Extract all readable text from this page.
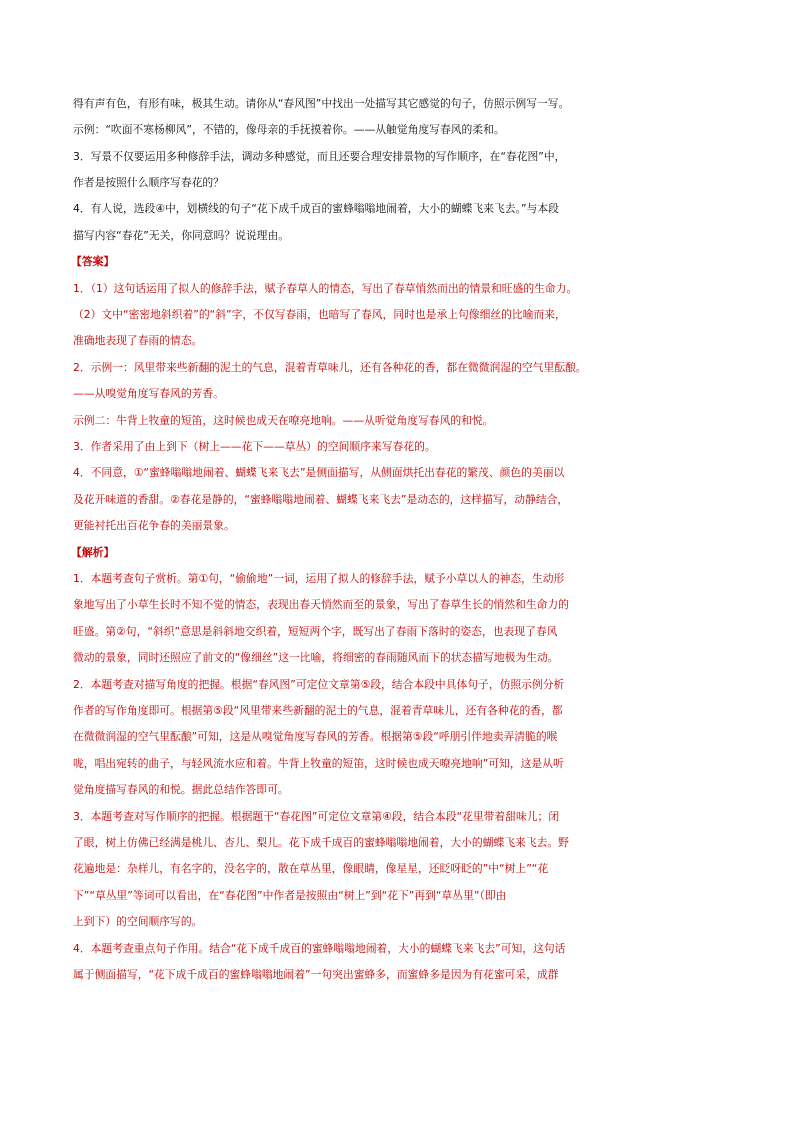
得有声有色，有形有味，极其生动。请你从“春风图”中找出一处描写其它感觉的句子，仿照示例写一写。
示例：“吹面不寒杨柳风”，不错的，像母亲的手抚摸着你。——从触觉角度写春风的柔和。
3．写景不仅要运用多种修辞手法，调动多种感觉，而且还要合理安排景物的写作顺序，在“春花图”中，
作者是按照什么顺序写春花的？
4．有人说，选段④中，划横线的句子“花下成千成百的蜜蜂嗡嗡地闹着，大小的蝴蝶飞来飞去。”与本段
描写内容“春花”无关，你同意吗？说说理由。
【答案】
1．（1）这句话运用了拟人的修辞手法，赋予春草人的情态，写出了春草悄然而出的情景和旺盛的生命力。
（2）文中“密密地斜织着”的“斜”字，不仅写春雨，也暗写了春风，同时也是承上句像细丝的比喻而来，
准确地表现了春雨的情态。
2．示例一：风里带来些新翻的泥土的气息，混着青草味儿，还有各种花的香，都在微微润湿的空气里酝酿。
——从嗅觉角度写春风的芳香。
示例二：牛背上牧童的短笛，这时候也成天在嘹亮地响。——从听觉角度写春风的和悦。
3．作者采用了由上到下（树上——花下——草丛）的空间顺序来写春花的。
4．不同意，①“蜜蜂嗡嗡地闹着、蝴蝶飞来飞去”是侧面描写，从侧面烘托出春花的繁茂、颜色的美丽以
及花开味道的香甜。②春花是静的，“蜜蜂嗡嗡地闹着、蝴蝶飞来飞去”是动态的，这样描写，动静结合，
更能衬托出百花争春的美丽景象。
【解析】
1．本题考查句子赏析。第①句，“偷偷地”一词，运用了拟人的修辞手法，赋予小草以人的神态，生动形
象地写出了小草生长时不知不觉的情态，表现出春天悄然而至的景象，写出了春草生长的悄然和生命力的
旺盛。第②句，“斜织”意思是斜斜地交织着，短短两个字，既写出了春雨下落时的姿态，也表现了春风
微动的景象，同时还照应了前文的“像细丝”这一比喻，将细密的春雨随风而下的状态描写地极为生动。
2．本题考查对描写角度的把握。根据“春风图”可定位文章第⑤段，结合本段中具体句子，仿照示例分析
作者的写作角度即可。根据第⑤段“风里带来些新翻的泥土的气息，混着青草味儿，还有各种花的香，都
在微微润湿的空气里酝酿”可知，这是从嗅觉角度写春风的芳香。根据第⑤段“呼朋引伴地卖弄清脆的喉
咙，唱出宛转的曲子，与轻风流水应和着。牛背上牧童的短笛，这时候也成天嘹亮地响”可知，这是从听
觉角度描写春风的和悦。据此总结作答即可。
3．本题考查对写作顺序的把握。根据题干“春花图”可定位文章第④段，结合本段“花里带着甜味儿；闭
了眼，树上仿佛已经满是桃儿、杏儿、梨儿。花下成千成百的蜜蜂嗡嗡地闹着，大小的蝴蝶飞来飞去。野
花遍地是：杂样儿，有名字的，没名字的，散在草丛里，像眼睛，像星星，还眨呀眨的”中“树上”“花
下”“草丛里”等词可以看出，在“春花图”中作者是按照由“树上”到“花下”再到“草丛里”（即由
上到下）的空间顺序写的。
4．本题考查重点句子作用。结合“花下成千成百的蜜蜂嗡嗡地闹着，大小的蝴蝶飞来飞去”可知，这句话
属于侧面描写，“花下成千成百的蜜蜂嗡嗡地闹着”一句突出蜜蜂多，而蜜蜂多是因为有花蜜可采，成群
